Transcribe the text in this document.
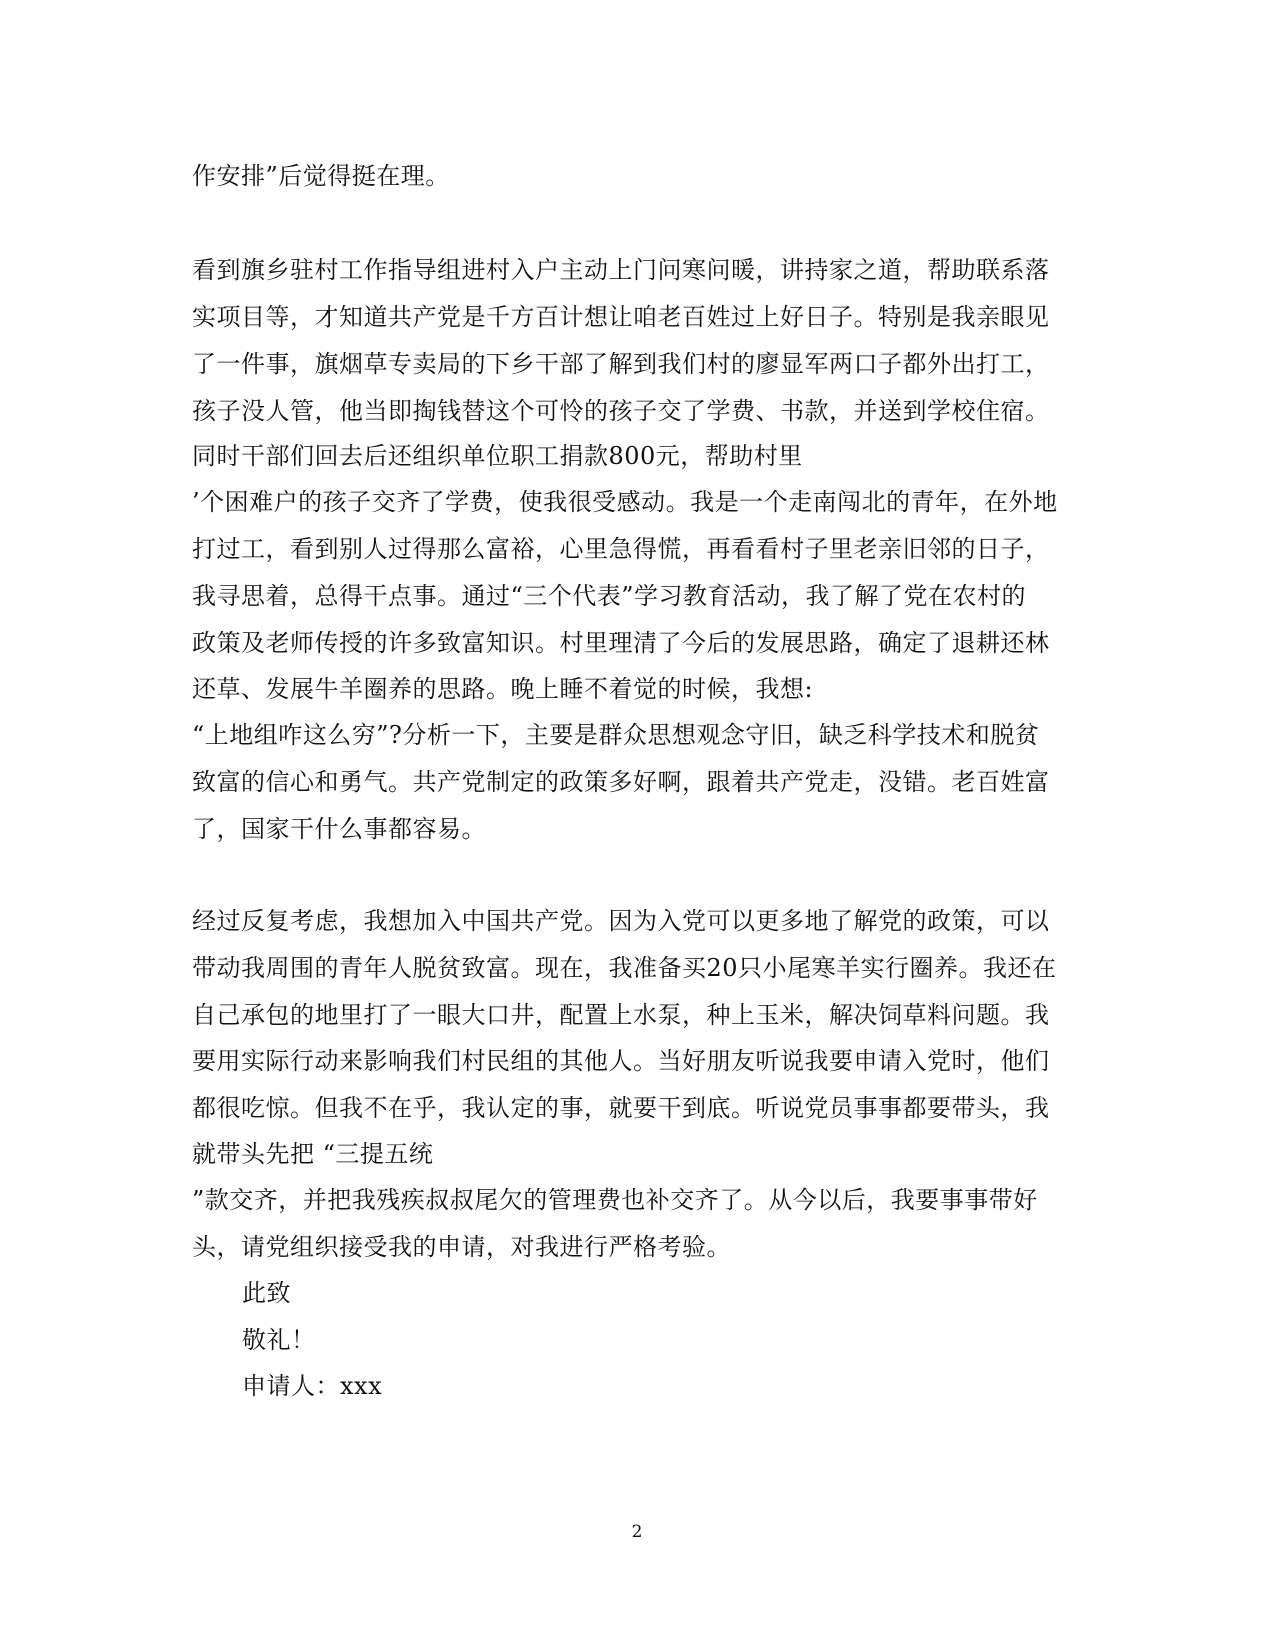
作安排”后觉得挺在理。
看到旗乡驻村工作指导组进村入户主动上门问寒问暖，讲持家之道，帮助联系落
实项目等，才知道共产党是千方百计想让咱老百姓过上好日子。特别是我亲眼见
了一件事，旗烟草专卖局的下乡干部了解到我们村的廖显军两口子都外出打工，
孩子没人管，他当即掏钱替这个可怜的孩子交了学费、书款，并送到学校住宿。
同时干部们回去后还组织单位职工捐款800元，帮助村里
’个困难户的孩子交齐了学费，使我很受感动。我是一个走南闯北的青年，在外地
打过工，看到别人过得那么富裕，心里急得慌，再看看村子里老亲旧邻的日子，
我寻思着，总得干点事。通过“三个代表”学习教育活动，我了解了党在农村的
政策及老师传授的许多致富知识。村里理清了今后的发展思路，确定了退耕还林
还草、发展牛羊圈养的思路。晚上睡不着觉的时候，我想:
“上地组咋这么穷”?分析一下，主要是群众思想观念守旧，缺乏科学技术和脱贫
致富的信心和勇气。共产党制定的政策多好啊，跟着共产党走，没错。老百姓富
了，国家干什么事都容易。
经过反复考虑，我想加入中国共产党。因为入党可以更多地了解党的政策，可以
带动我周围的青年人脱贫致富。现在，我准备买20只小尾寒羊实行圈养。我还在
自己承包的地里打了一眼大口井，配置上水泵，种上玉米，解决饲草料问题。我
要用实际行动来影响我们村民组的其他人。当好朋友听说我要申请入党时，他们
都很吃惊。但我不在乎，我认定的事，就要干到底。听说党员事事都要带头，我
就带头先把 “三提五统
”款交齐，并把我残疾叔叔尾欠的管理费也补交齐了。从今以后，我要事事带好
头，请党组织接受我的申请，对我进行严格考验。
此致
敬礼！
申请人：xxx
2
